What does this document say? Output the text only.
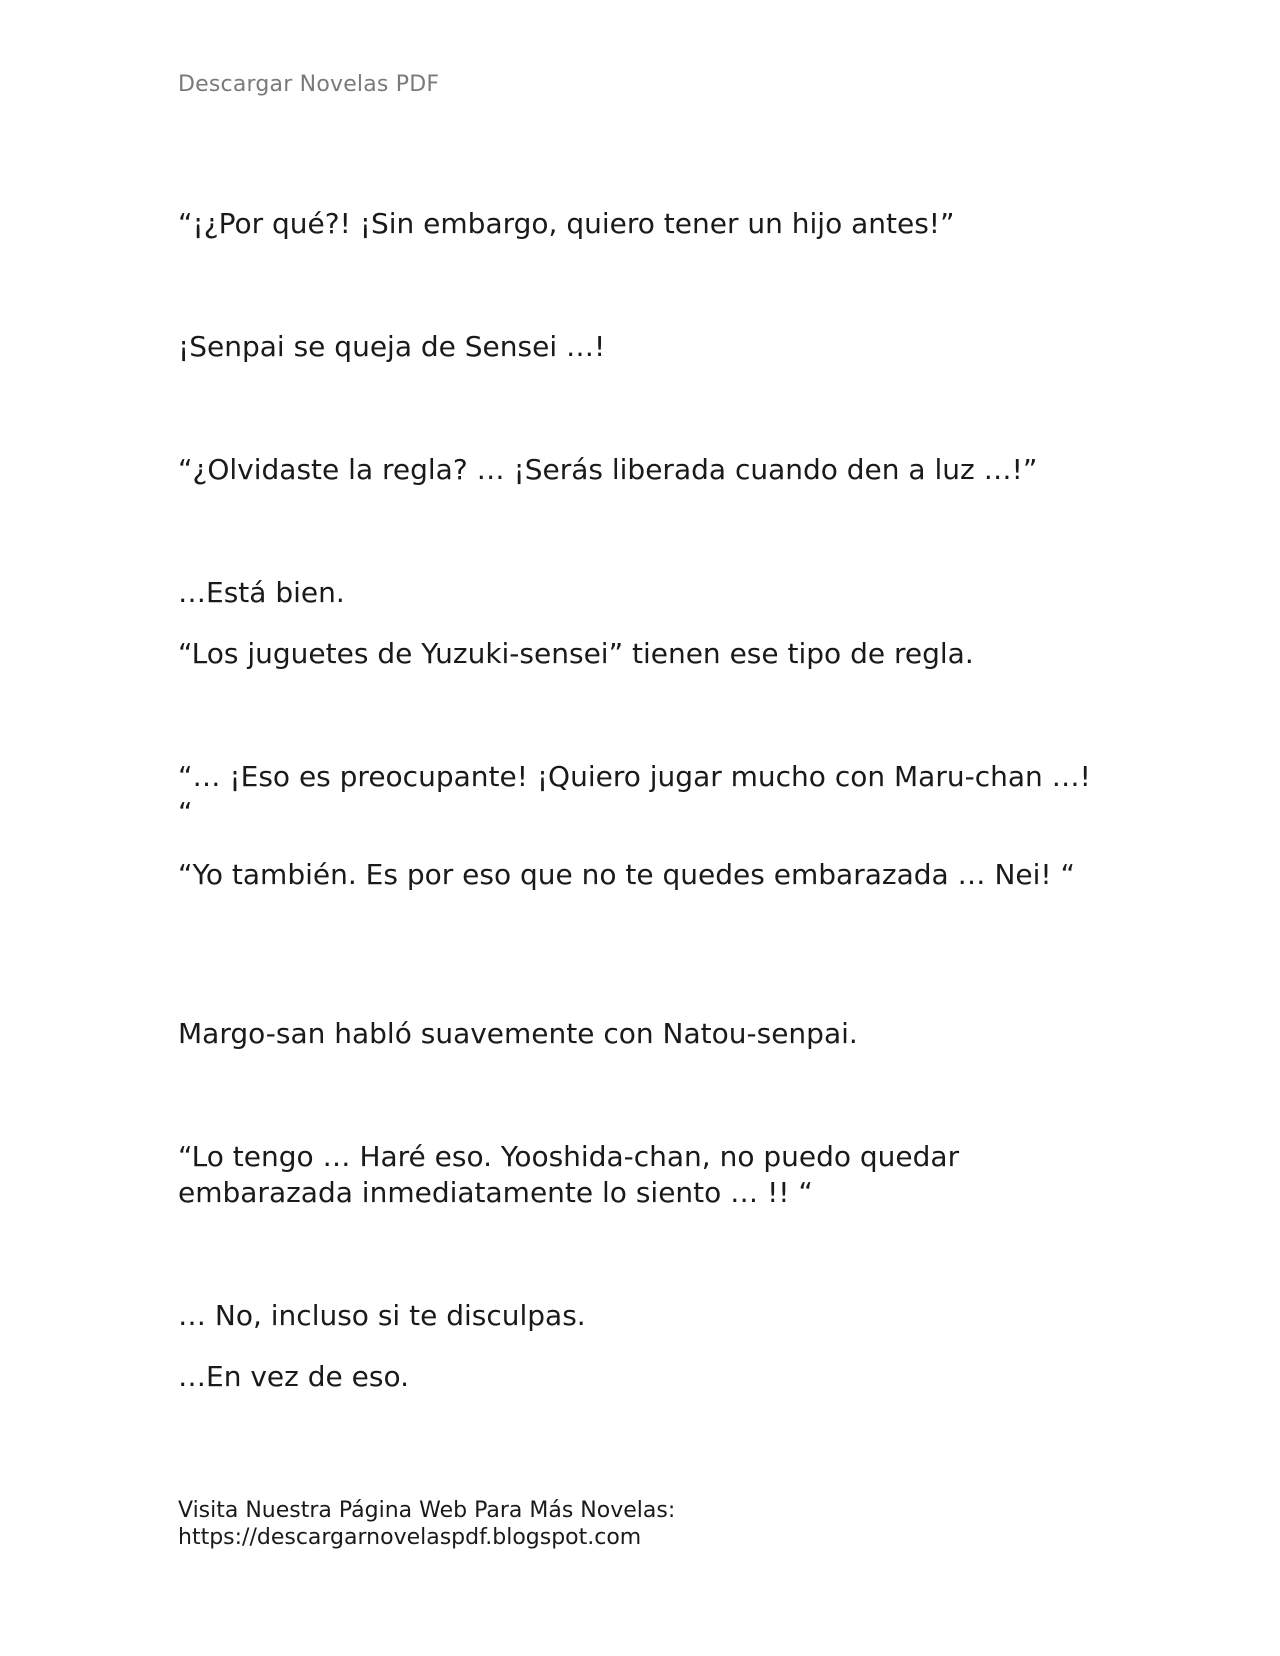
Descargar Novelas PDF
“¡¿Por qué?! ¡Sin embargo, quiero tener un hijo antes!”
¡Senpai se queja de Sensei …!
“¿Olvidaste la regla? … ¡Serás liberada cuando den a luz …!”
…Está bien.
“Los juguetes de Yuzuki-sensei” tienen ese tipo de regla.
“… ¡Eso es preocupante! ¡Quiero jugar mucho con Maru-chan …! “
“Yo también. Es por eso que no te quedes embarazada … Nei! “
Margo-san habló suavemente con Natou-senpai.
“Lo tengo … Haré eso. Yooshida-chan, no puedo quedar embarazada inmediatamente lo siento … !! “
… No, incluso si te disculpas.
…En vez de eso.
Visita Nuestra Página Web Para Más Novelas:
https://descargarnovelaspdf.blogspot.com
